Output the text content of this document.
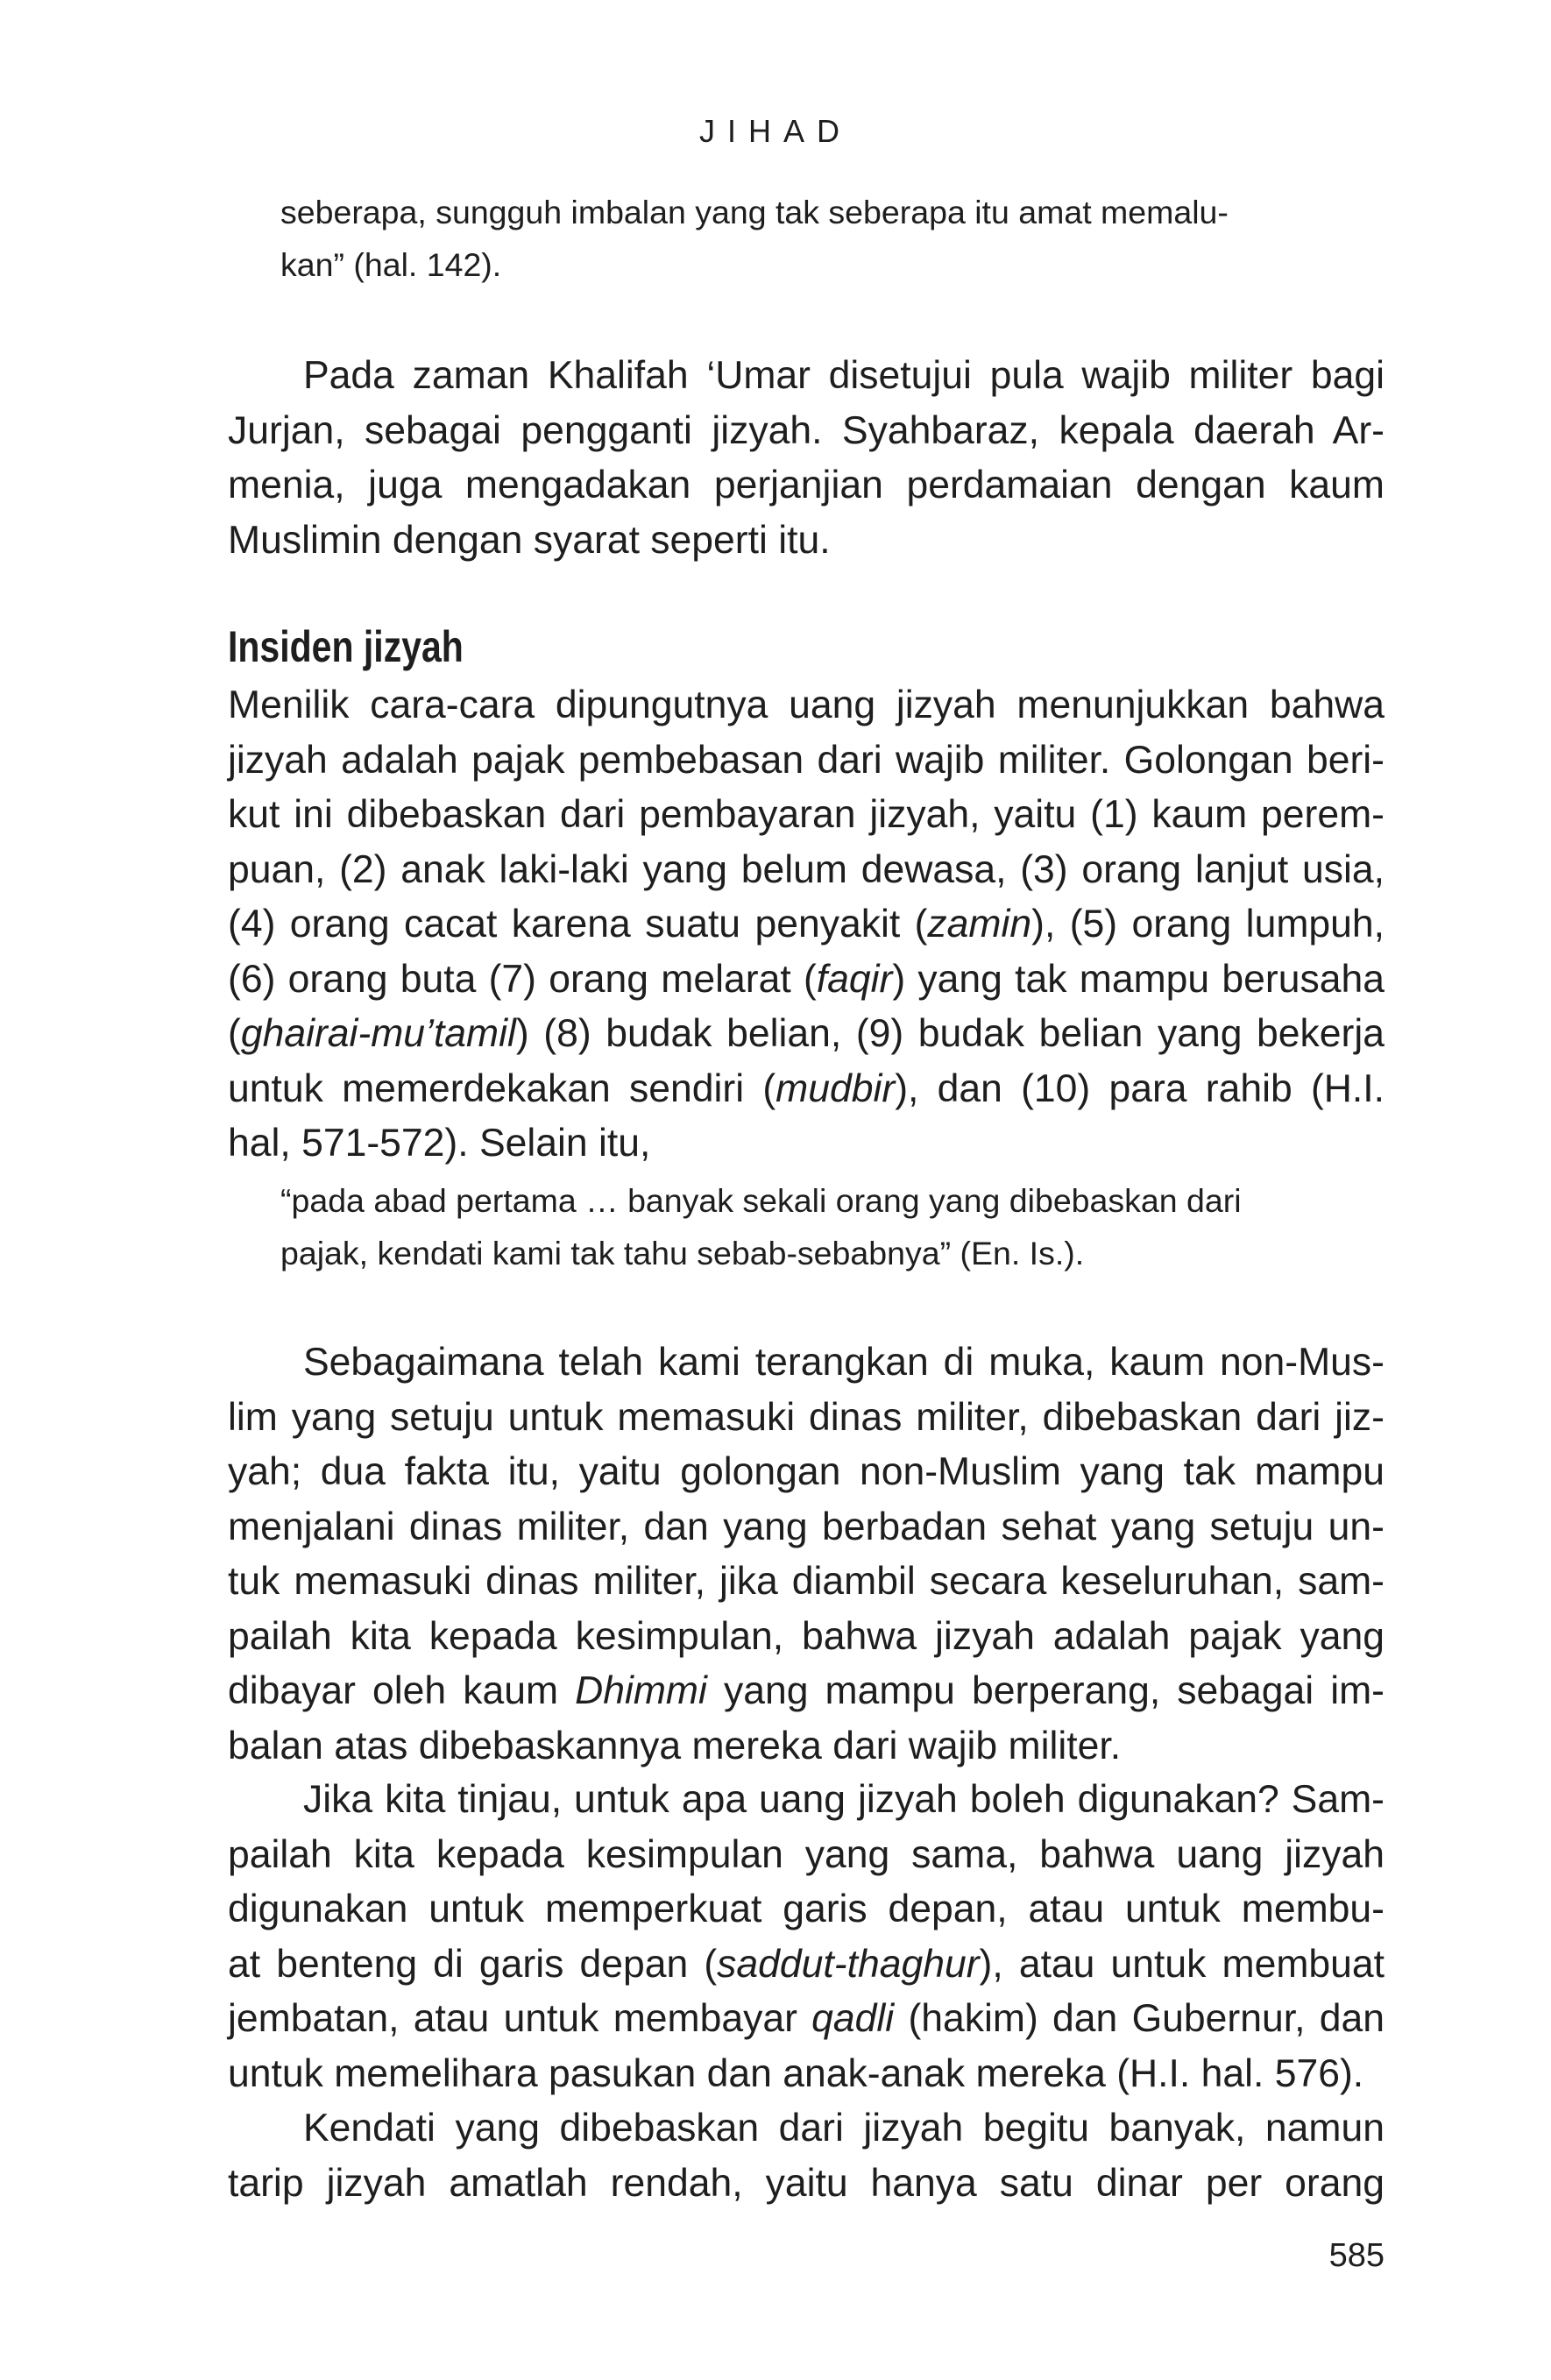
JIHAD
seberapa, sungguh imbalan yang tak seberapa itu amat memalu-
kan” (hal. 142).

Pada zaman Khalifah ‘Umar disetujui pula wajib militer bagi
Jurjan, sebagai pengganti jizyah. Syahbaraz, kepala daerah Ar-
menia, juga mengadakan perjanjian perdamaian dengan kaum
Muslimin dengan syarat seperti itu.

Insiden jizyah

Menilik cara-cara dipungutnya uang jizyah menunjukkan bahwa
jizyah adalah pajak pembebasan dari wajib militer. Golongan beri-
kut ini dibebaskan dari pembayaran jizyah, yaitu (1) kaum perem-
puan, (2) anak laki-laki yang belum dewasa, (3) orang lanjut usia,
(4) orang cacat karena suatu penyakit (zamin), (5) orang lumpuh,
(6) orang buta (7) orang melarat (faqir) yang tak mampu berusaha
(ghairai-mu’tamil) (8) budak belian, (9) budak belian yang bekerja
untuk memerdekakan sendiri (mudbir), dan (10) para rahib (H.I.
hal, 571-572). Selain itu,

“pada abad pertama … banyak sekali orang yang dibebaskan dari
pajak, kendati kami tak tahu sebab-sebabnya” (En. Is.).

Sebagaimana telah kami terangkan di muka, kaum non-Mus-
lim yang setuju untuk memasuki dinas militer, dibebaskan dari jiz-
yah; dua fakta itu, yaitu golongan non-Muslim yang tak mampu
menjalani dinas militer, dan yang berbadan sehat yang setuju un-
tuk memasuki dinas militer, jika diambil secara keseluruhan, sam-
pailah kita kepada kesimpulan, bahwa jizyah adalah pajak yang
dibayar oleh kaum Dhimmi yang mampu berperang, sebagai im-
balan atas dibebaskannya mereka dari wajib militer.

Jika kita tinjau, untuk apa uang jizyah boleh digunakan? Sam-
pailah kita kepada kesimpulan yang sama, bahwa uang jizyah
digunakan untuk memperkuat garis depan, atau untuk membu-
at benteng di garis depan (saddut-thaghur), atau untuk membuat
jembatan, atau untuk membayar qadli (hakim) dan Gubernur, dan
untuk memelihara pasukan dan anak-anak mereka (H.I. hal. 576).

Kendati yang dibebaskan dari jizyah begitu banyak, namun
tarip jizyah amatlah rendah, yaitu hanya satu dinar per orang

585
